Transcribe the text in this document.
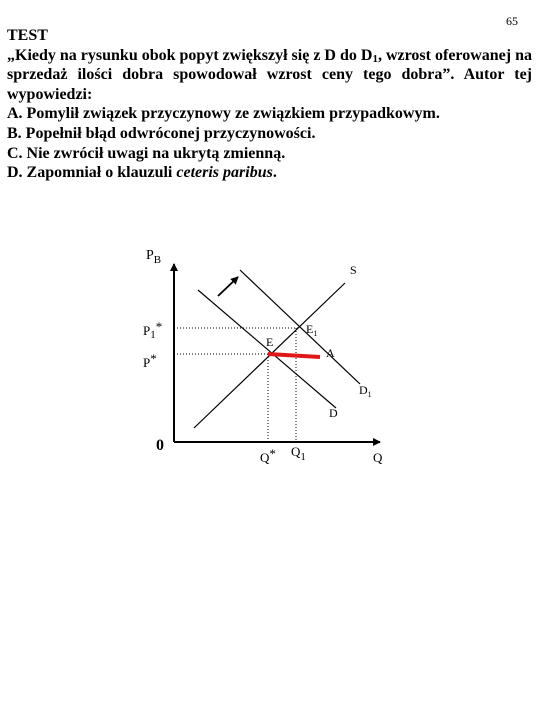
65
TEST
„Kiedy na rysunku obok popyt zwiększył się z D do $D_1$, wzrost oferowanej na sprzedaż ilości dobra spowodował wzrost ceny tego dobra”. Autor tej wypowiedzi:
A. Pomylił związek przyczynowy ze związkiem przypadkowym.
B. Popełnił błąd odwróconej przyczynowości.
C. Nie zwrócił uwagi na ukrytą zmienną.
D. Zapomniał o klauzuli ceteris paribus.
$P_B$
Q
0
S
D
$D_1$
E
$E_1$
A
$P_1*$
P*
Q* $Q_1$
